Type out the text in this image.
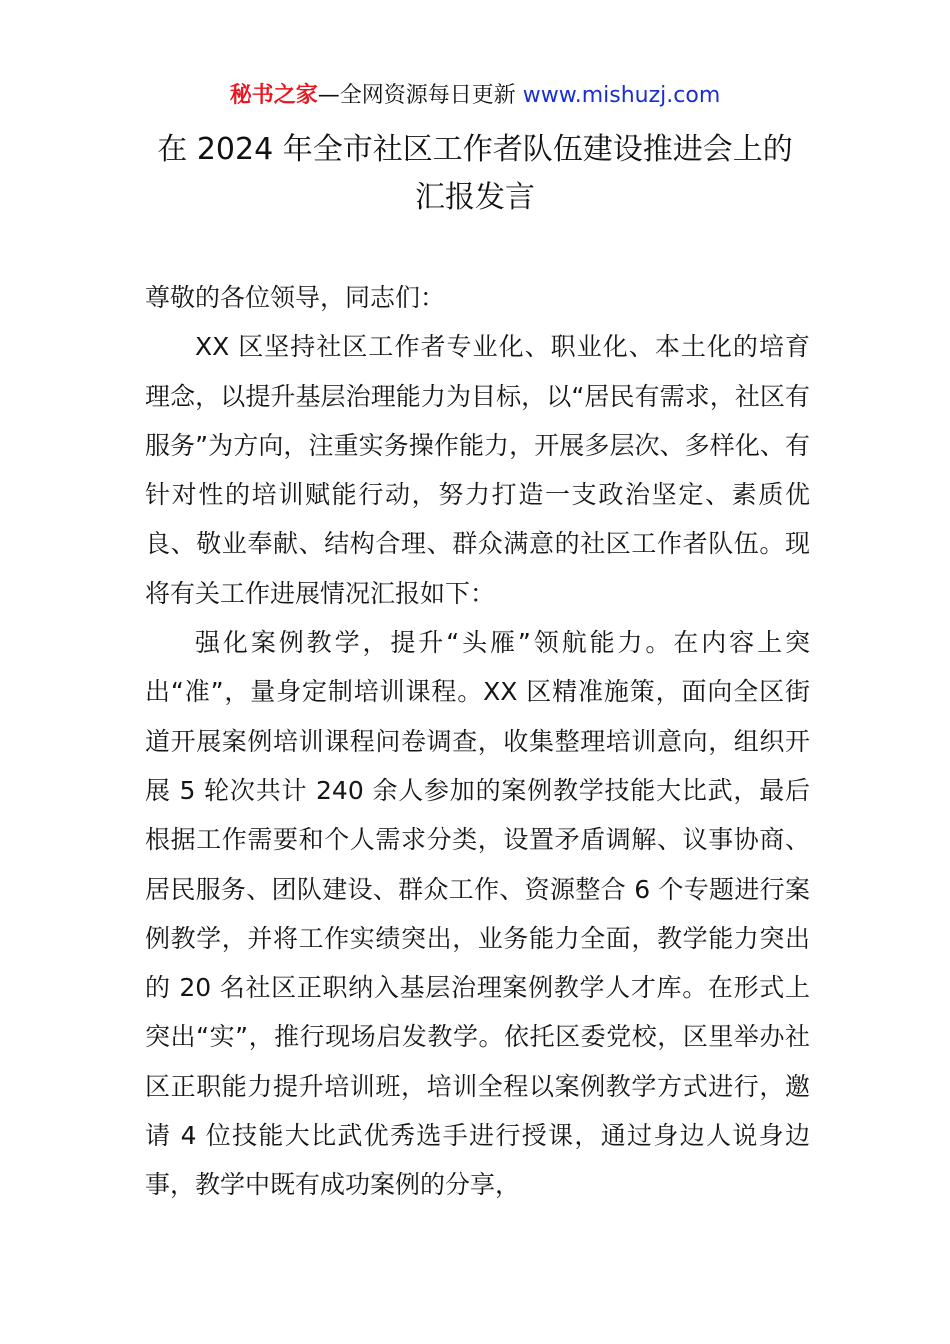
秘书之家—全网资源每日更新 www.mishuzj.com
在 2024 年全市社区工作者队伍建设推进会上的
汇报发言

尊敬的各位领导，同志们：

XX 区坚持社区工作者专业化、职业化、本土化的培育理念，以提升基层治理能力为目标，以“居民有需求，社区有服务”为方向，注重实务操作能力，开展多层次、多样化、有针对性的培训赋能行动，努力打造一支政治坚定、素质优良、敬业奉献、结构合理、群众满意的社区工作者队伍。现将有关工作进展情况汇报如下：

强化案例教学，提升“头雁”领航能力。在内容上突出“准”，量身定制培训课程。XX 区精准施策，面向全区街道开展案例培训课程问卷调查，收集整理培训意向，组织开展 5 轮次共计 240 余人参加的案例教学技能大比武，最后根据工作需要和个人需求分类，设置矛盾调解、议事协商、居民服务、团队建设、群众工作、资源整合 6 个专题进行案例教学，并将工作实绩突出，业务能力全面，教学能力突出的 20 名社区正职纳入基层治理案例教学人才库。在形式上突出“实”，推行现场启发教学。依托区委党校，区里举办社区正职能力提升培训班，培训全程以案例教学方式进行，邀请 4 位技能大比武优秀选手进行授课，通过身边人说身边事，教学中既有成功案例的分享，
